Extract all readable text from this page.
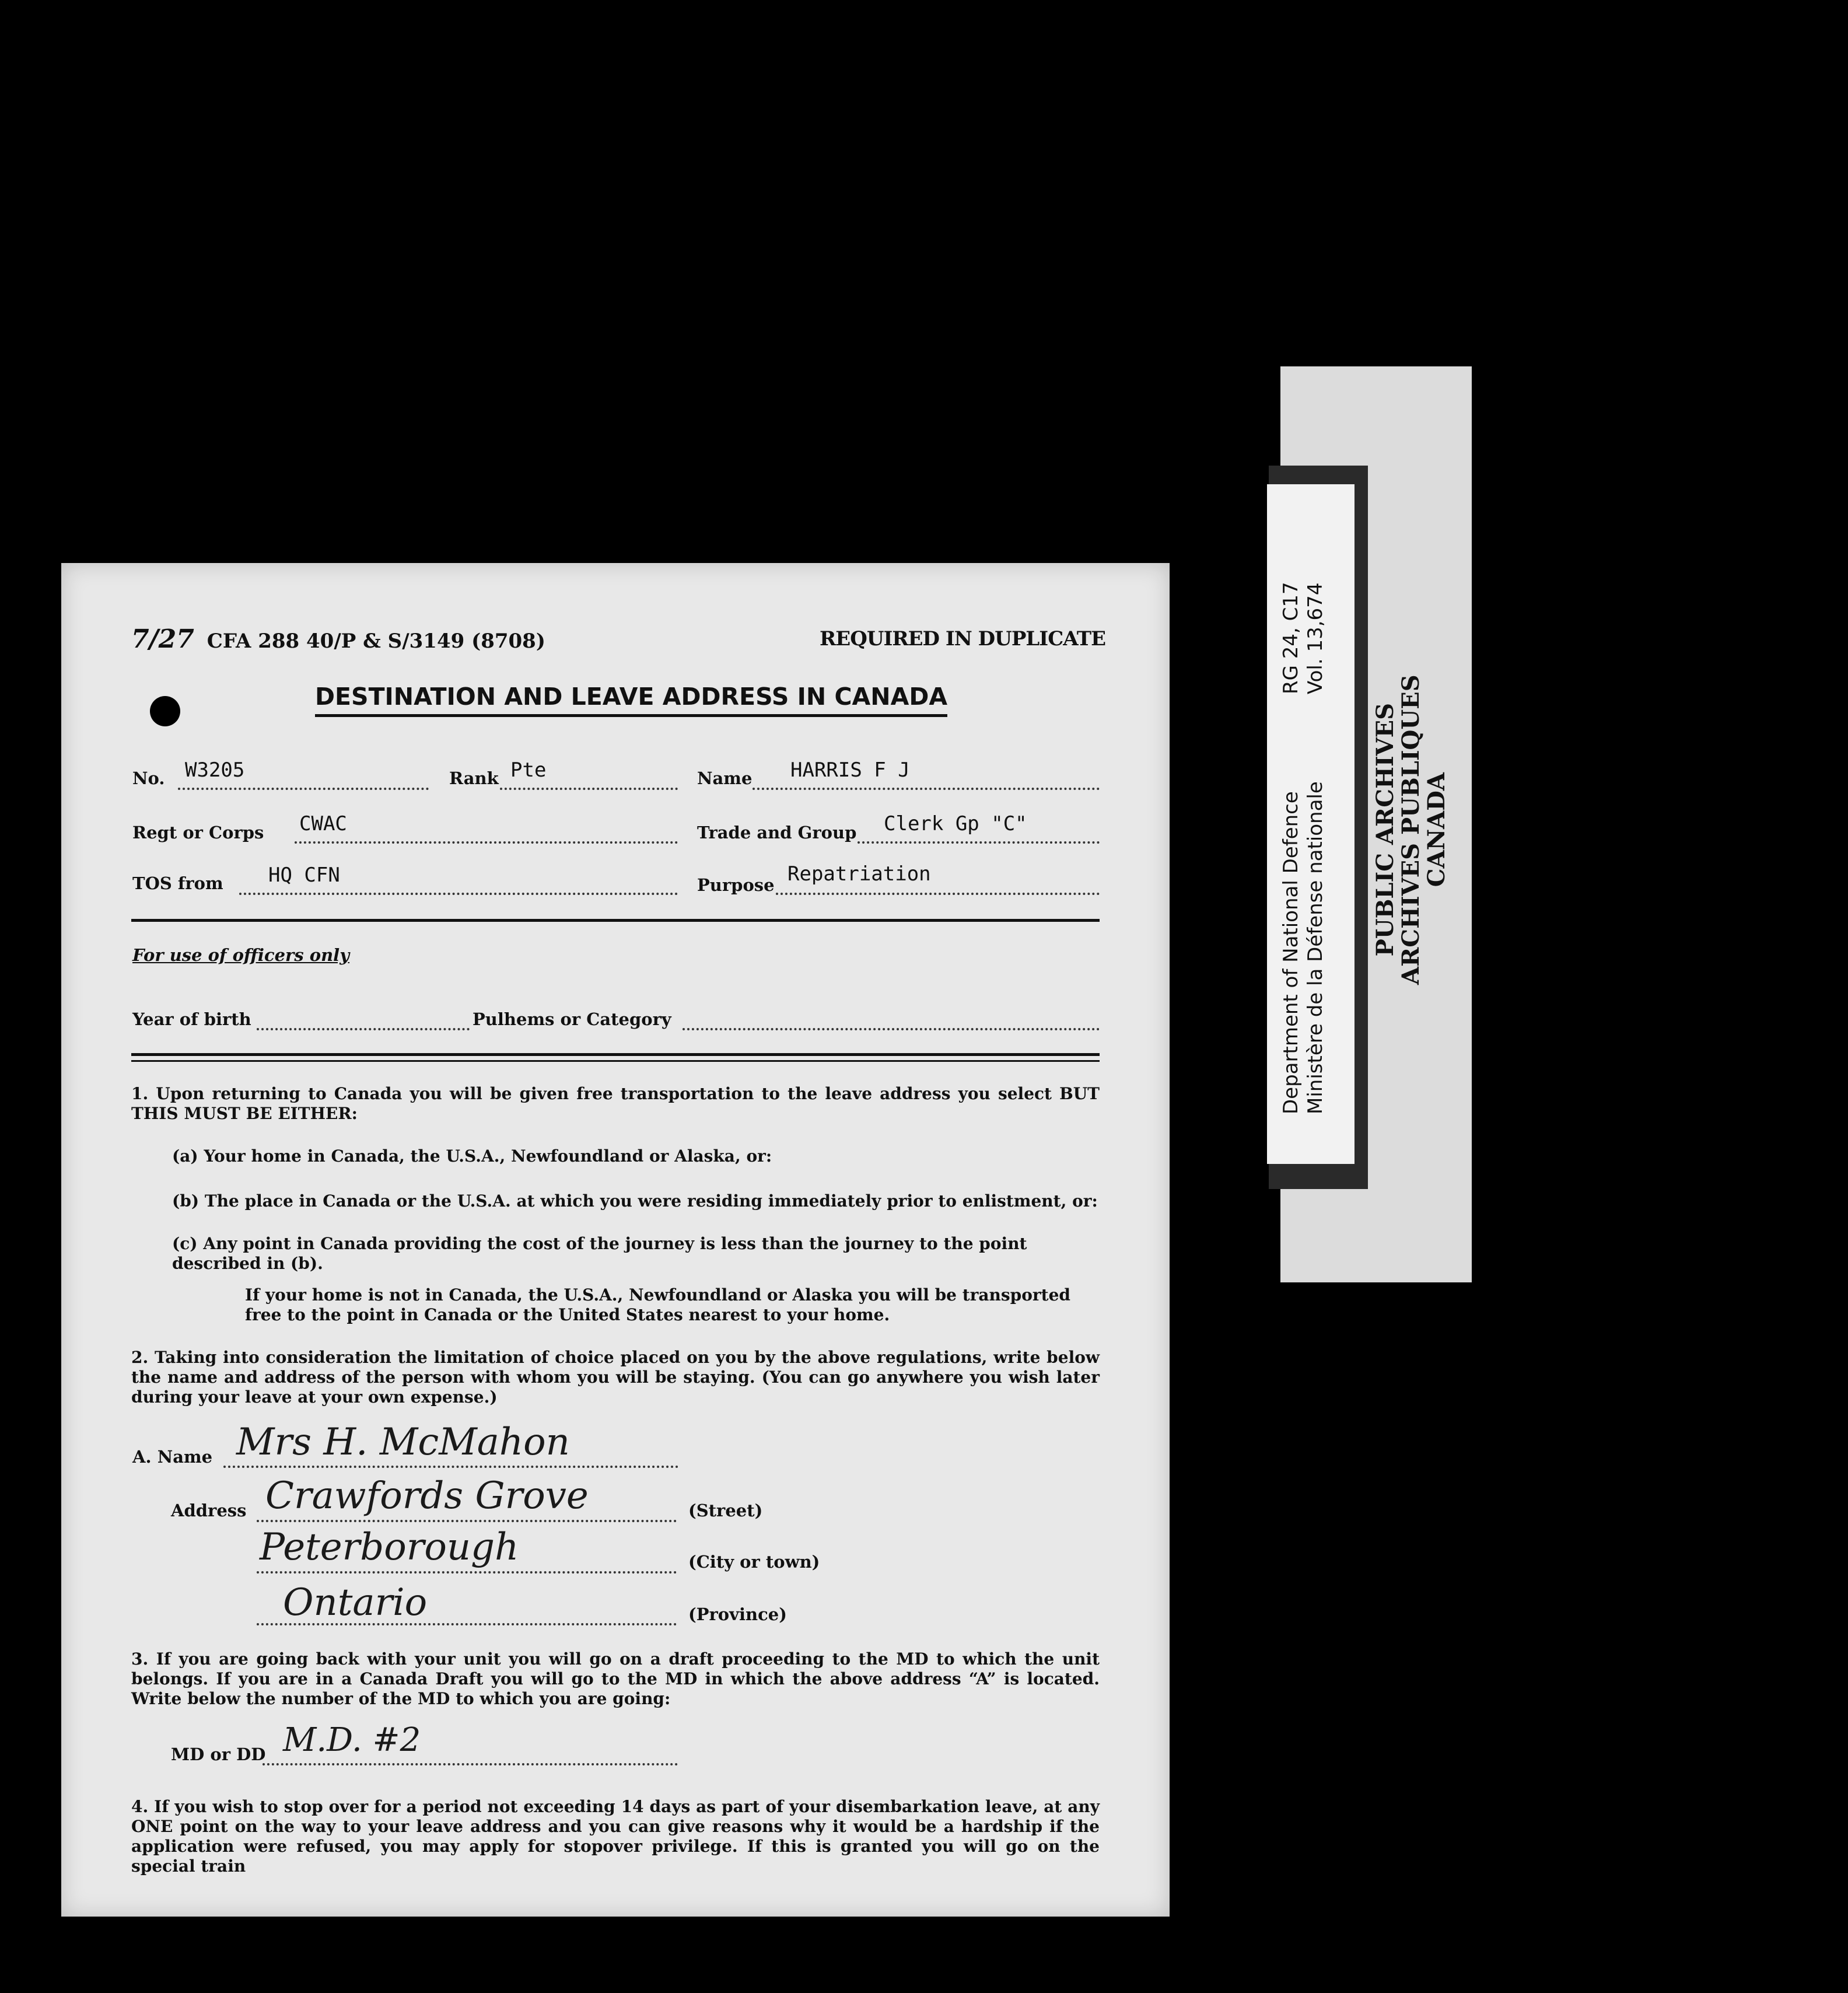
7/27 CFA 288 40/P & S/3149 (8708)	REQUIRED IN DUPLICATE
DESTINATION AND LEAVE ADDRESS IN CANADA
No. W3205	Rank Pte	Name HARRIS F J
Regt or Corps CWAC	Trade and Group Clerk Gp "C"
TOS from HQ CFN	Purpose Repatriation
For use of officers only
Year of birth	Pulhems or Category
1. Upon returning to Canada you will be given free transportation to the leave address you select BUT THIS MUST BE EITHER:
(a) Your home in Canada, the U.S.A., Newfoundland or Alaska, or:
(b) The place in Canada or the U.S.A. at which you were residing immediately prior to enlistment, or:
(c) Any point in Canada providing the cost of the journey is less than the journey to the point described in (b).
If your home is not in Canada, the U.S.A., Newfoundland or Alaska you will be transported free to the point in Canada or the United States nearest to your home.
2. Taking into consideration the limitation of choice placed on you by the above regulations, write below the name and address of the person with whom you will be staying. (You can go anywhere you wish later during your leave at your own expense.)
A. Name Mrs H. McMahon
Address Crawfords Grove	(Street)
Peterborough	(City or town)
Ontario	(Province)
3. If you are going back with your unit you will go on a draft proceeding to the MD to which the unit belongs. If you are in a Canada Draft you will go to the MD in which the above address “A” is located. Write below the number of the MD to which you are going:
MD or DD M.D. #2
4. If you wish to stop over for a period not exceeding 14 days as part of your disembarkation leave, at any ONE point on the way to your leave address and you can give reasons why it would be a hardship if the application were refused, you may apply for stopover privilege. If this is granted you will go on the special train
PUBLIC ARCHIVES
ARCHIVES PUBLIQUES
CANADA
Department of National Defence Ministère de la Défense nationale
RG 24, C17 Vol. 13,674
